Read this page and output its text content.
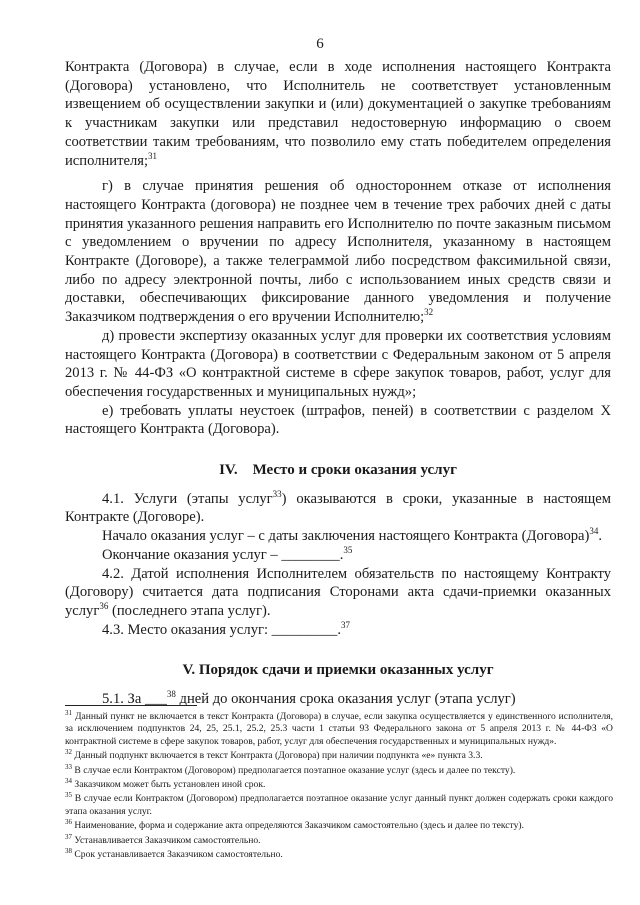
6

Контракта (Договора) в случае, если в ходе исполнения настоящего Контракта (Договора) установлено, что Исполнитель не соответствует установленным извещением об осуществлении закупки и (или) документацией о закупке требованиям к участникам закупки или представил недостоверную информацию о своем соответствии таким требованиям, что позволило ему стать победителем определения исполнителя;$^{31}$

г) в случае принятия решения об одностороннем отказе от исполнения настоящего Контракта (договора) не позднее чем в течение трех рабочих дней с даты принятия указанного решения направить его Исполнителю по почте заказным письмом с уведомлением о вручении по адресу Исполнителя, указанному в настоящем Контракте (Договоре), а также телеграммой либо посредством факсимильной связи, либо по адресу электронной почты, либо с использованием иных средств связи и доставки, обеспечивающих фиксирование данного уведомления и получение Заказчиком подтверждения о его вручении Исполнителю;$^{32}$

д) провести экспертизу оказанных услуг для проверки их соответствия условиям настоящего Контракта (Договора) в соответствии с Федеральным законом от 5 апреля 2013 г. № 44-ФЗ «О контрактной системе в сфере закупок товаров, работ, услуг для обеспечения государственных и муниципальных нужд»;

е) требовать уплаты неустоек (штрафов, пеней) в соответствии с разделом X настоящего Контракта (Договора).

IV. Место и сроки оказания услуг

4.1. Услуги (этапы услуг$^{33}$) оказываются в сроки, указанные в настоящем Контракте (Договоре).

Начало оказания услуг – с даты заключения настоящего Контракта (Договора)$^{34}$.

Окончание оказания услуг – ________.$^{35}$

4.2. Датой исполнения Исполнителем обязательств по настоящему Контракту (Договору) считается дата подписания Сторонами акта сдачи-приемки оказанных услуг$^{36}$ (последнего этапа услуг).

4.3. Место оказания услуг: _________.$^{37}$

V. Порядок сдачи и приемки оказанных услуг

5.1. За ___$^{38}$ дней до окончания срока оказания услуг (этапа услуг)

$^{31}$ Данный пункт не включается в текст Контракта (Договора) в случае, если закупка осуществляется у единственного исполнителя, за исключением подпунктов 24, 25, 25.1, 25.2, 25.3 части 1 статьи 93 Федерального закона от 5 апреля 2013 г. № 44-ФЗ «О контрактной системе в сфере закупок товаров, работ, услуг для обеспечения государственных и муниципальных нужд».

$^{32}$ Данный подпункт включается в текст Контракта (Договора) при наличии подпункта «е» пункта 3.3.

$^{33}$ В случае если Контрактом (Договором) предполагается поэтапное оказание услуг (здесь и далее по тексту).

$^{34}$ Заказчиком может быть установлен иной срок.

$^{35}$ В случае если Контрактом (Договором) предполагается поэтапное оказание услуг данный пункт должен содержать сроки каждого этапа оказания услуг.

$^{36}$ Наименование, форма и содержание акта определяются Заказчиком самостоятельно (здесь и далее по тексту).

$^{37}$ Устанавливается Заказчиком самостоятельно.

$^{38}$ Срок устанавливается Заказчиком самостоятельно.
